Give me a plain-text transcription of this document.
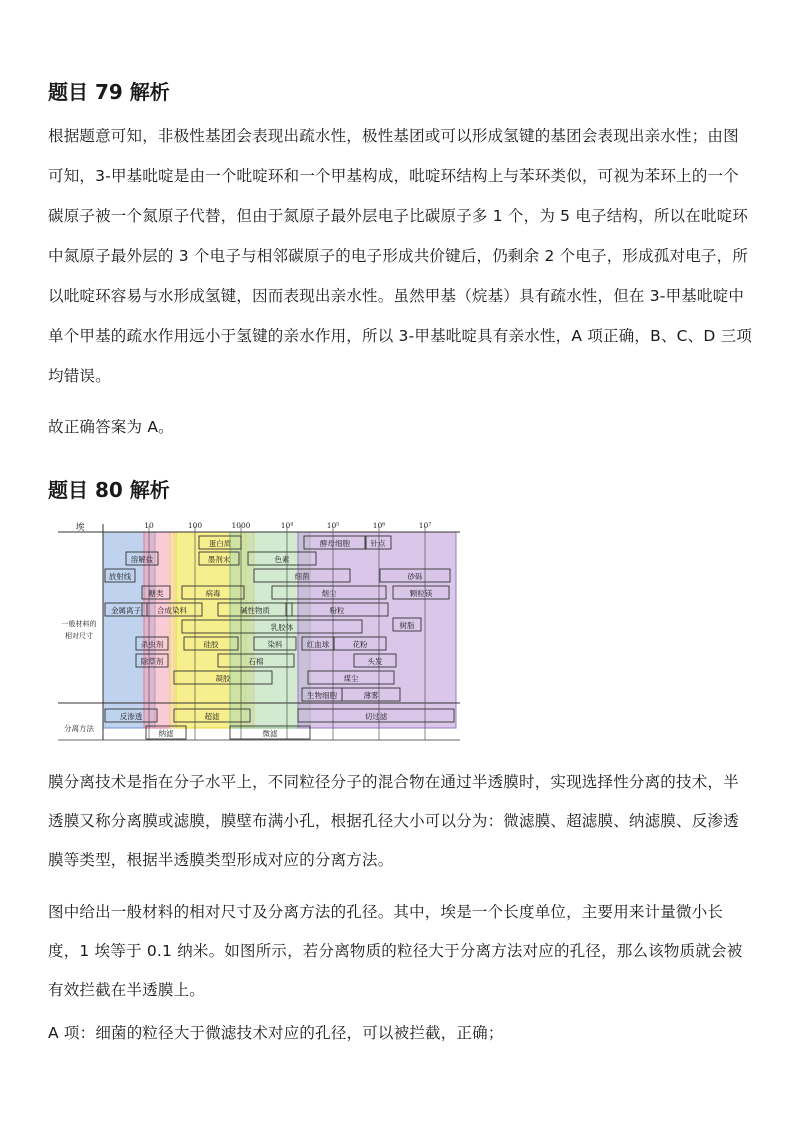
题目 79 解析

根据题意可知，非极性基团会表现出疏水性，极性基团或可以形成氢键的基团会表现出亲水性；由图可知，3-甲基吡啶是由一个吡啶环和一个甲基构成，吡啶环结构上与苯环类似，可视为苯环上的一个碳原子被一个氮原子代替，但由于氮原子最外层电子比碳原子多 1 个，为 5 电子结构，所以在吡啶环中氮原子最外层的 3 个电子与相邻碳原子的电子形成共价键后，仍剩余 2 个电子，形成孤对电子，所以吡啶环容易与水形成氢键，因而表现出亲水性。虽然甲基（烷基）具有疏水性，但在 3-甲基吡啶中单个甲基的疏水作用远小于氢键的亲水作用，所以 3-甲基吡啶具有亲水性，A 项正确，B、C、D 三项均错误。

故正确答案为 A。

题目 80 解析
埃	10	100	1000	10⁴	10⁵	10⁶	10⁷
一般材料的
相对尺寸
分离方法
蛋白质
溶解盐	墨剂末	色素
酵母细胞	针点
放射线	细菌	砂砾
糖类	病毒	烟尘	颗粒镁
金属离子 合成染料	碱性物质	粉粒
树脂
乳胶体
杀虫剂	硅胶	染料	红血球	花粉
除草剂	石棉	头发
凝胶	煤尘
生物细胞	薄雾
反渗透
纳滤
超滤
微滤
切过滤

膜分离技术是指在分子水平上，不同粒径分子的混合物在通过半透膜时，实现选择性分离的技术，半透膜又称分离膜或滤膜，膜壁布满小孔，根据孔径大小可以分为：微滤膜、超滤膜、纳滤膜、反渗透膜等类型，根据半透膜类型形成对应的分离方法。

图中给出一般材料的相对尺寸及分离方法的孔径。其中，埃是一个长度单位，主要用来计量微小长度，1 埃等于 0.1 纳米。如图所示，若分离物质的粒径大于分离方法对应的孔径，那么该物质就会被有效拦截在半透膜上。

A 项：细菌的粒径大于微滤技术对应的孔径，可以被拦截，正确；
